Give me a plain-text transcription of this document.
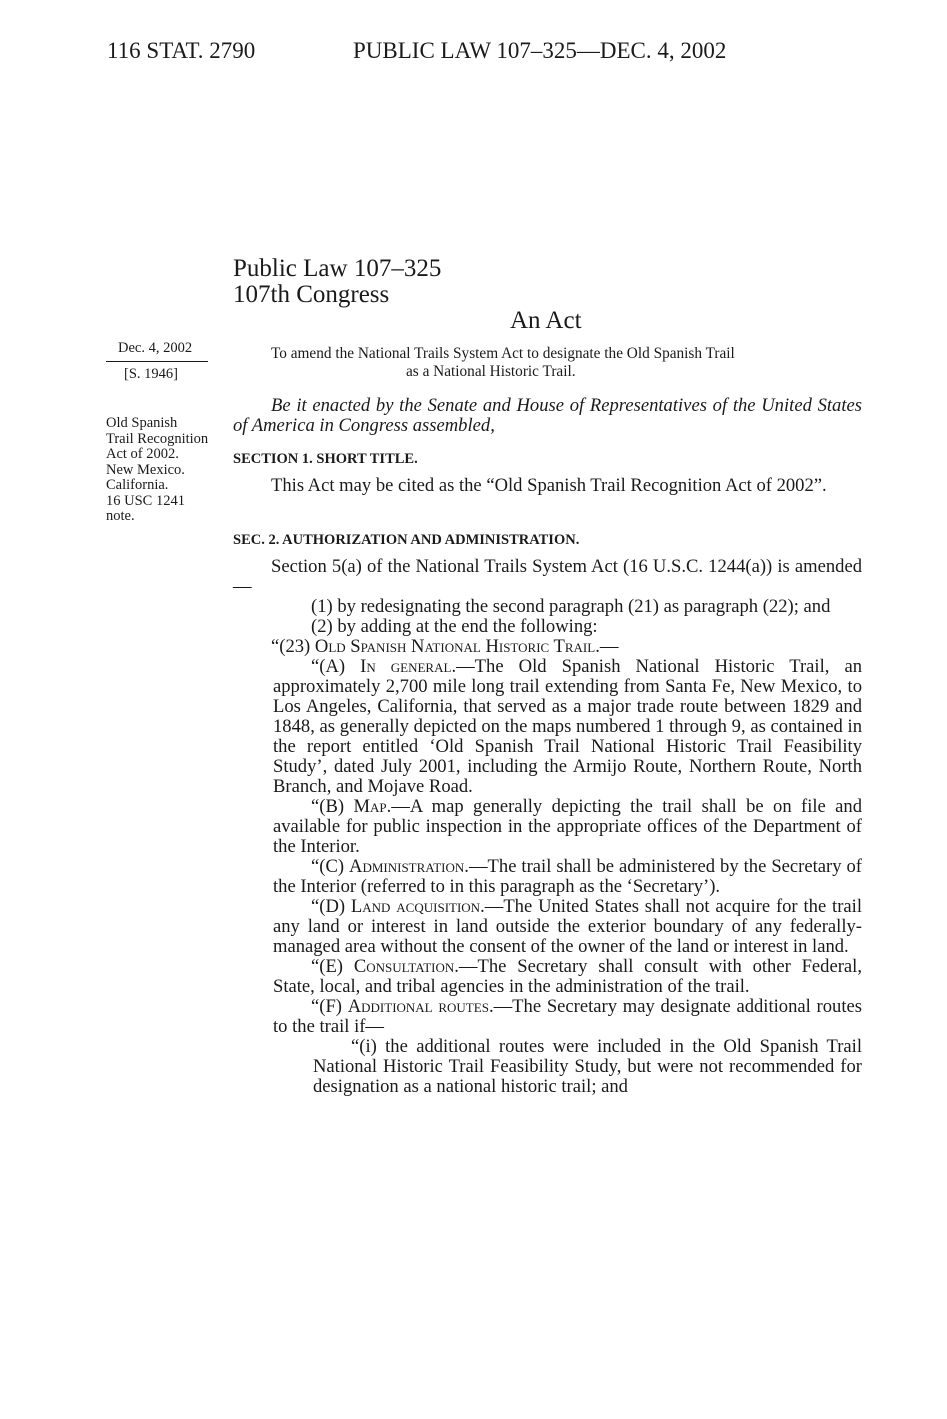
116 STAT. 2790	PUBLIC LAW 107–325—DEC. 4, 2002
Public Law 107–325
107th Congress
An Act
To amend the National Trails System Act to designate the Old Spanish Trail
as a National Historic Trail.
Dec. 4, 2002
[S. 1946]
Old Spanish
Trail Recognition
Act of 2002.
New Mexico.
California.
16 USC 1241
note.

Be it enacted by the Senate and House of Representatives of the United States of America in Congress assembled,

SECTION 1. SHORT TITLE.

This Act may be cited as the “Old Spanish Trail Recognition Act of 2002”.

SEC. 2. AUTHORIZATION AND ADMINISTRATION.

Section 5(a) of the National Trails System Act (16 U.S.C. 1244(a)) is amended—

(1) by redesignating the second paragraph (21) as paragraph (22); and

(2) by adding at the end the following:

“(23) Old Spanish National Historic Trail.—

“(A) In general.—The Old Spanish National Historic Trail, an approximately 2,700 mile long trail extending from Santa Fe, New Mexico, to Los Angeles, California, that served as a major trade route between 1829 and 1848, as generally depicted on the maps numbered 1 through 9, as contained in the report entitled ‘Old Spanish Trail National Historic Trail Feasibility Study’, dated July 2001, including the Armijo Route, Northern Route, North Branch, and Mojave Road.

“(B) Map.—A map generally depicting the trail shall be on file and available for public inspection in the appropriate offices of the Department of the Interior.

“(C) Administration.—The trail shall be administered by the Secretary of the Interior (referred to in this paragraph as the ‘Secretary’).

“(D) Land acquisition.—The United States shall not acquire for the trail any land or interest in land outside the exterior boundary of any federally-managed area without the consent of the owner of the land or interest in land.

“(E) Consultation.—The Secretary shall consult with other Federal, State, local, and tribal agencies in the administration of the trail.

“(F) Additional routes.—The Secretary may designate additional routes to the trail if—

“(i) the additional routes were included in the Old Spanish Trail National Historic Trail Feasibility Study, but were not recommended for designation as a national historic trail; and
